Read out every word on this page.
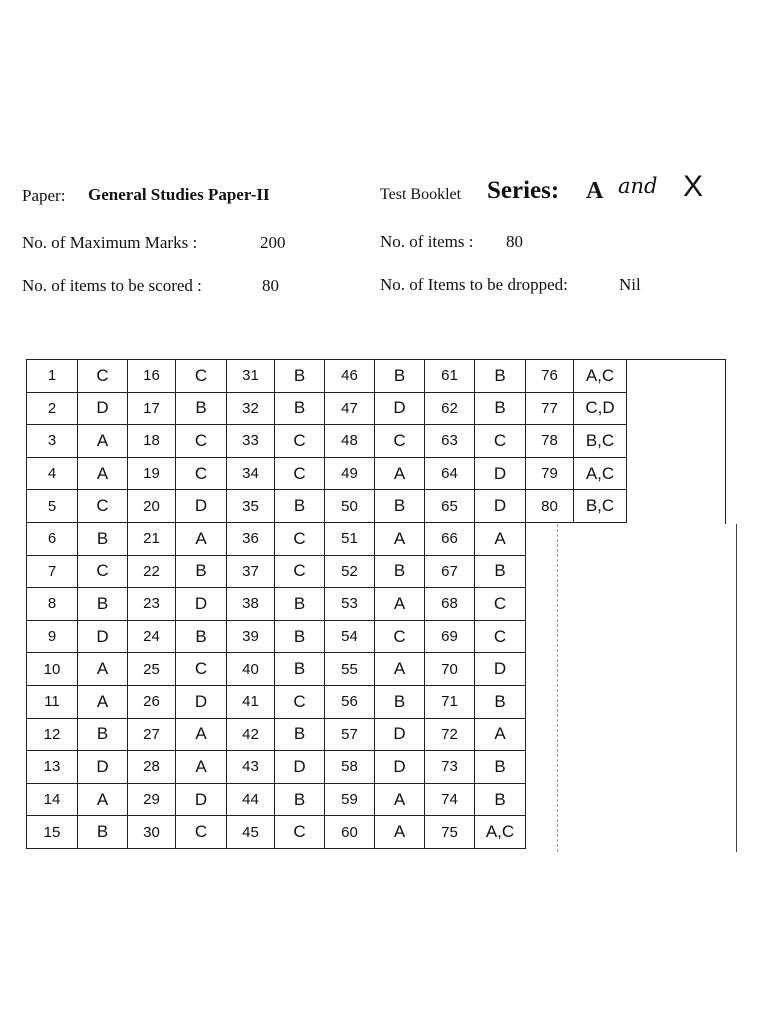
Paper: General Studies Paper-II	Test Booklet Series: A and X
No. of Maximum Marks :	200	No. of items : 80
No. of items to be scored :	80	No. of Items to be dropped:	Nil
1	C	16	C	31	B	46	B	61	B	76	A,C
2	D	17	B	32	B	47	D	62	B	77	C,D
3	A	18	C	33	C	48	C	63	C	78	B,C
4	A	19	C	34	C	49	A	64	D	79	A,C
5	C	20	D	35	B	50	B	65	D	80	B,C
6	B	21	A	36	C	51	A	66	A
7	C	22	B	37	C	52	B	67	B
8	B	23	D	38	B	53	A	68	C
9	D	24	B	39	B	54	C	69	C
10	A	25	C	40	B	55	A	70	D
11	A	26	D	41	C	56	B	71	B
12	B	27	A	42	B	57	D	72	A
13	D	28	A	43	D	58	D	73	B
14	A	29	D	44	B	59	A	74	B
15	B	30	C	45	C	60	A	75	A,C
